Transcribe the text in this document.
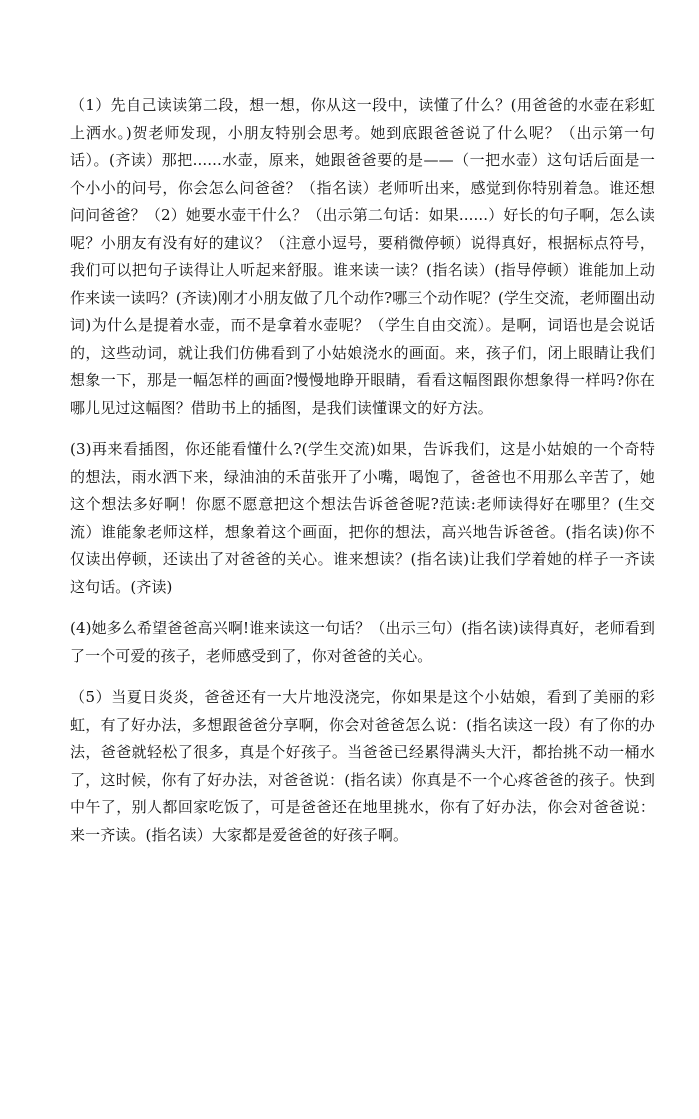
（1）先自己读读第二段，想一想，你从这一段中，读懂了什么？(用爸爸的水壶在彩虹上洒水。)贺老师发现，小朋友特别会思考。她到底跟爸爸说了什么呢？（出示第一句话）。(齐读）那把......水壶，原来，她跟爸爸要的是——（一把水壶）这句话后面是一个小小的问号，你会怎么问爸爸？（指名读）老师听出来，感觉到你特别着急。谁还想问问爸爸？（2）她要水壶干什么？（出示第二句话：如果......）好长的句子啊，怎么读呢？小朋友有没有好的建议？（注意小逗号，要稍微停顿）说得真好，根据标点符号，我们可以把句子读得让人听起来舒服。谁来读一读？(指名读）(指导停顿）谁能加上动作来读一读吗？(齐读)刚才小朋友做了几个动作?哪三个动作呢？(学生交流，老师圈出动词)为什么是提着水壶，而不是拿着水壶呢？（学生自由交流）。是啊，词语也是会说话的，这些动词，就让我们仿佛看到了小姑娘浇水的画面。来，孩子们，闭上眼睛让我们想象一下，那是一幅怎样的画面?慢慢地睁开眼睛，看看这幅图跟你想象得一样吗?你在哪儿见过这幅图？借助书上的插图，是我们读懂课文的好方法。

(3)再来看插图，你还能看懂什么?(学生交流)如果，告诉我们，这是小姑娘的一个奇特的想法，雨水洒下来，绿油油的禾苗张开了小嘴，喝饱了，爸爸也不用那么辛苦了，她这个想法多好啊！你愿不愿意把这个想法告诉爸爸呢?范读:老师读得好在哪里？(生交流）谁能象老师这样，想象着这个画面，把你的想法，高兴地告诉爸爸。(指名读)你不仅读出停顿，还读出了对爸爸的关心。谁来想读？(指名读)让我们学着她的样子一齐读这句话。(齐读)

(4)她多么希望爸爸高兴啊!谁来读这一句话？（出示三句）(指名读)读得真好，老师看到了一个可爱的孩子，老师感受到了，你对爸爸的关心。

（5）当夏日炎炎，爸爸还有一大片地没浇完，你如果是这个小姑娘，看到了美丽的彩虹，有了好办法，多想跟爸爸分享啊，你会对爸爸怎么说：(指名读这一段）有了你的办法，爸爸就轻松了很多，真是个好孩子。当爸爸已经累得满头大汗，都抬挑不动一桶水了，这时候，你有了好办法，对爸爸说：(指名读）你真是不一个心疼爸爸的孩子。快到中午了，别人都回家吃饭了，可是爸爸还在地里挑水，你有了好办法，你会对爸爸说：来一齐读。(指名读）大家都是爱爸爸的好孩子啊。
